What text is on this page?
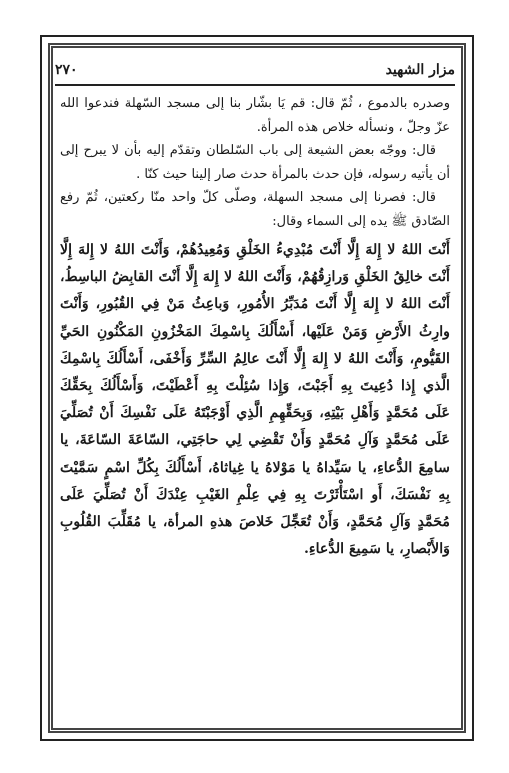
مزار الشهيد
٢٧٠

وصدره بالدموع ، ثُمّ قال: قم يَا بشّار بنا إلى مسجد السّهلة فندعوا الله عزّ وجلّ ، ونسأله خلاص هذه المرأة.

قال: ووجّه بعض الشيعة إلى باب السّلطان وتقدّم إليه بأن لا يبرح إلى أن يأتيه رسوله، فإن حدث بالمرأة حدث صار إلينا حيث كنّا .

قال: فصرنا إلى مسجد السهلة، وصلّى كلّ واحد منّا ركعتين، ثُمّ رفع الصّادق ﷺ يده إلى السماء وقال:

أَنْتَ اللهُ لا إِلهَ إِلَّا أَنْتَ مُبْدِيءُ الخَلْقِ وَمُعِيدُهُمْ، وَأَنْتَ اللهُ لا إِلهَ إِلَّا أَنْتَ خالِقُ الخَلْقِ وَرازِقُهُمْ، وَأَنْتَ اللهُ لا إِلهَ إِلَّا أَنْتَ القابِضُ الباسِطُ، أَنْتَ اللهُ لا إِلهَ إِلَّا أَنْتَ مُدَبِّرُ الأُمُورِ، وَباعِثُ مَنْ فِي القُبُورِ، وَأَنْتَ وارِثُ الأَرْضِ وَمَنْ عَلَيْها، أَسْأَلُكَ بِاسْمِكَ المَخْزُونِ المَكْنُونِ الحَيِّ القَيُّومِ، وَأَنْتَ اللهُ لا إِلهَ إِلَّا أَنْتَ عالِمُ السِّرِّ وَأَخْفَى، أَسْأَلُكَ بِاسْمِكَ الَّذي إِذا دُعِيتَ بِهِ أَجَبْتَ، وَإِذا سُئِلْتَ بِهِ أَعْطَيْتَ، وَأَسْأَلُكَ بِحَقِّكَ عَلَى مُحَمَّدٍ وَأَهْلِ بَيْتِهِ، وَبِحَقِّهِمِ الَّذِي أَوْجَبْتَهُ عَلَى نَفْسِكَ أَنْ تُصَلِّيَ عَلَى مُحَمَّدٍ وَآلِ مُحَمَّدٍ وَأَنْ تَقْضِي لِي حاجَتِي، السّاعَةَ السّاعَةَ، يا سامِعَ الدُّعاءِ، يا سَيِّداهُ يا مَوْلاهُ يا غِياثاهُ، أَسْأَلُكَ بِكُلِّ اسْمٍ سَمَّيْتَ بِهِ نَفْسَكَ، أَو اسْتَأْثَرْتَ بِهِ فِي عِلْمِ الغَيْبِ عِنْدَكَ أَنْ تُصَلِّيَ عَلَى مُحَمَّدٍ وَآلِ مُحَمَّدٍ، وَأَنْ تُعَجِّلَ خَلاصَ هذهِ المرأة، يا مُقَلِّبَ القُلُوبِ وَالأَبْصارِ، يا سَمِيعَ الدُّعاءِ.
